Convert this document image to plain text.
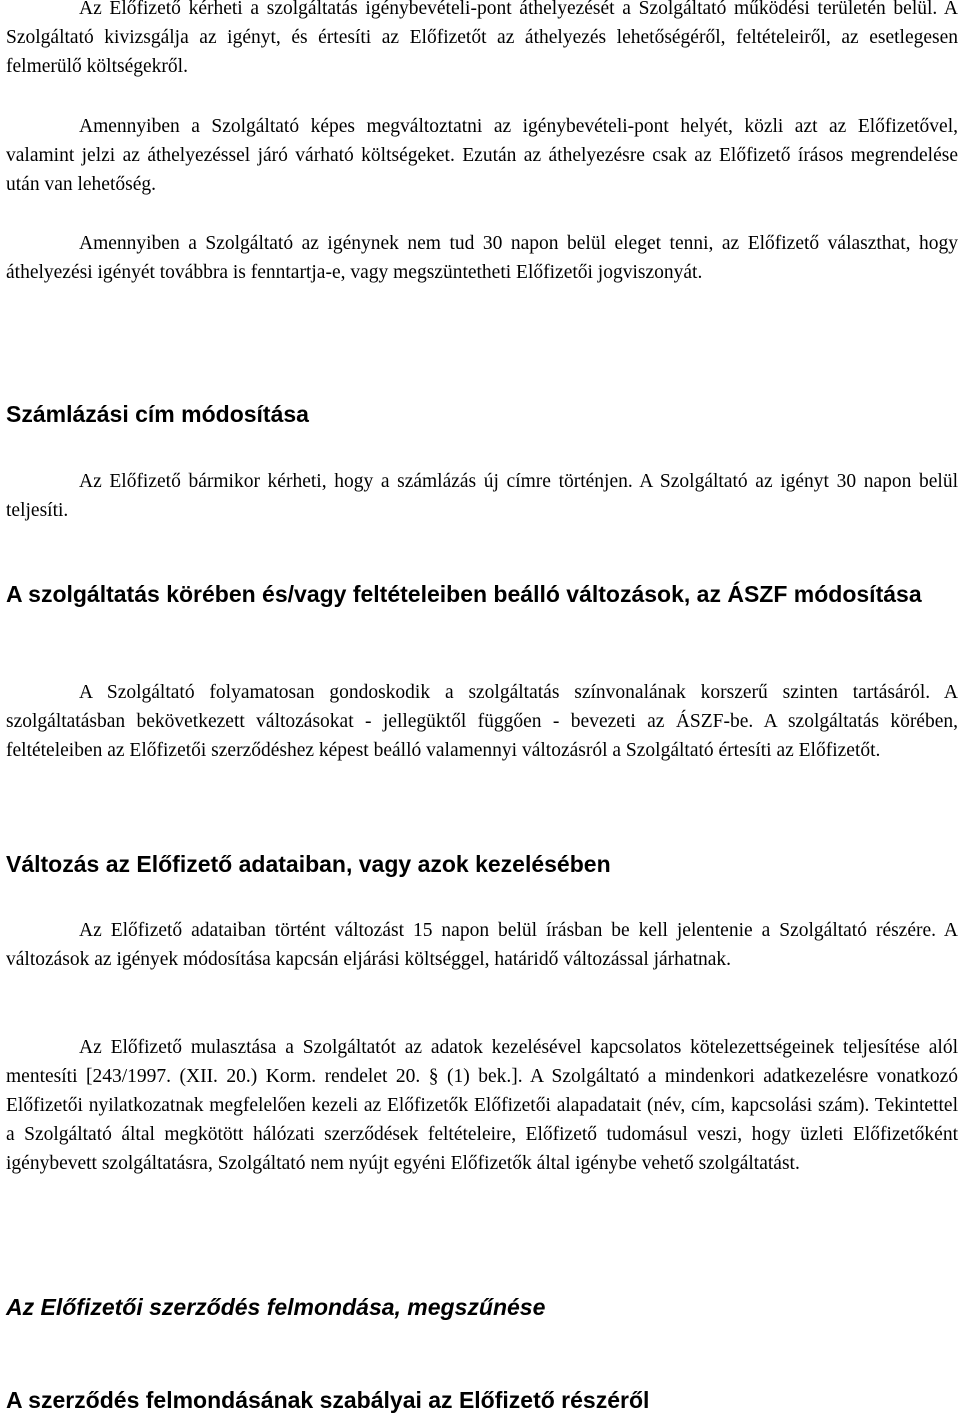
Az Előfizető kérheti a szolgáltatás igénybevételi-pont áthelyezését a Szolgáltató működési területén belül. A Szolgáltató kivizsgálja az igényt, és értesíti az Előfizetőt az áthelyezés lehetőségéről, feltételeiről, az esetlegesen felmerülő költségekről.

Amennyiben a Szolgáltató képes megváltoztatni az igénybevételi-pont helyét, közli azt az Előfizetővel, valamint jelzi az áthelyezéssel járó várható költségeket. Ezután az áthelyezésre csak az Előfizető írásos megrendelése után van lehetőség.

Amennyiben a Szolgáltató az igénynek nem tud 30 napon belül eleget tenni, az Előfizető választhat, hogy áthelyezési igényét továbbra is fenntartja-e, vagy megszüntetheti Előfizetői jogviszonyát.

Számlázási cím módosítása

Az Előfizető bármikor kérheti, hogy a számlázás új címre történjen. A Szolgáltató az igényt 30 napon belül teljesíti.

A szolgáltatás körében és/vagy feltételeiben beálló változások, az ÁSZF módosítása

A Szolgáltató folyamatosan gondoskodik a szolgáltatás színvonalának korszerű szinten tartásáról. A szolgáltatásban bekövetkezett változásokat - jellegüktől függően - bevezeti az ÁSZF-be. A szolgáltatás körében, feltételeiben az Előfizetői szerződéshez képest beálló valamennyi változásról a Szolgáltató értesíti az Előfizetőt.

Változás az Előfizető adataiban, vagy azok kezelésében

Az Előfizető adataiban történt változást 15 napon belül írásban be kell jelentenie a Szolgáltató részére. A változások az igények módosítása kapcsán eljárási költséggel, határidő változással járhatnak.

Az Előfizető mulasztása a Szolgáltatót az adatok kezelésével kapcsolatos kötelezettségeinek teljesítése alól mentesíti [243/1997. (XII. 20.) Korm. rendelet 20. § (1) bek.]. A Szolgáltató a mindenkori adatkezelésre vonatkozó Előfizetői nyilatkozatnak megfelelően kezeli az Előfizetők Előfizetői alapadatait (név, cím, kapcsolási szám). Tekintettel a Szolgáltató által megkötött hálózati szerződések feltételeire, Előfizető tudomásul veszi, hogy üzleti Előfizetőként igénybevett szolgáltatásra, Szolgáltató nem nyújt egyéni Előfizetők által igénybe vehető szolgáltatást.

Az Előfizetői szerződés felmondása, megszűnése
A szerződés felmondásának szabályai az Előfizető részéről
